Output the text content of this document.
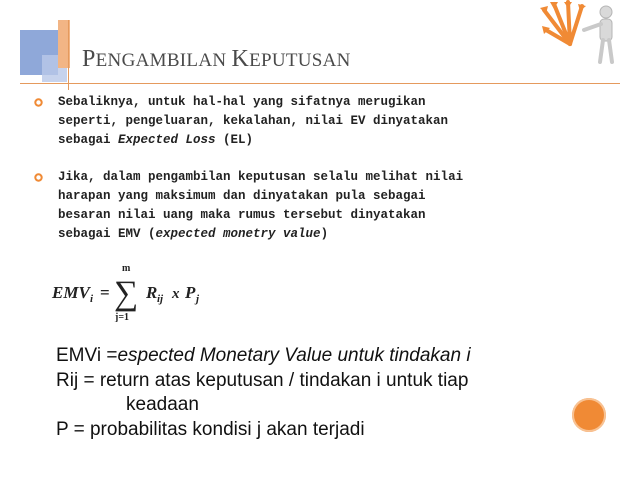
PENGAMBILAN KEPUTUSAN
Sebaliknya, untuk hal-hal yang sifatnya merugikan
seperti, pengeluaran, kekalahan, nilai EV dinyatakan
sebagai Expected Loss (EL)
Jika, dalam pengambilan keputusan selalu melihat nilai
harapan yang maksimum dan dinyatakan pula sebagai
besaran nilai uang maka rumus tersebut dinyatakan
sebagai EMV (expected monetry value)
EMV i =
m
∑
j=1
R ij x P j
EMVi =espected Monetary Value untuk tindakan i
Rij = return atas keputusan / tindakan i untuk tiap
keadaan
P = probabilitas kondisi j akan terjadi
